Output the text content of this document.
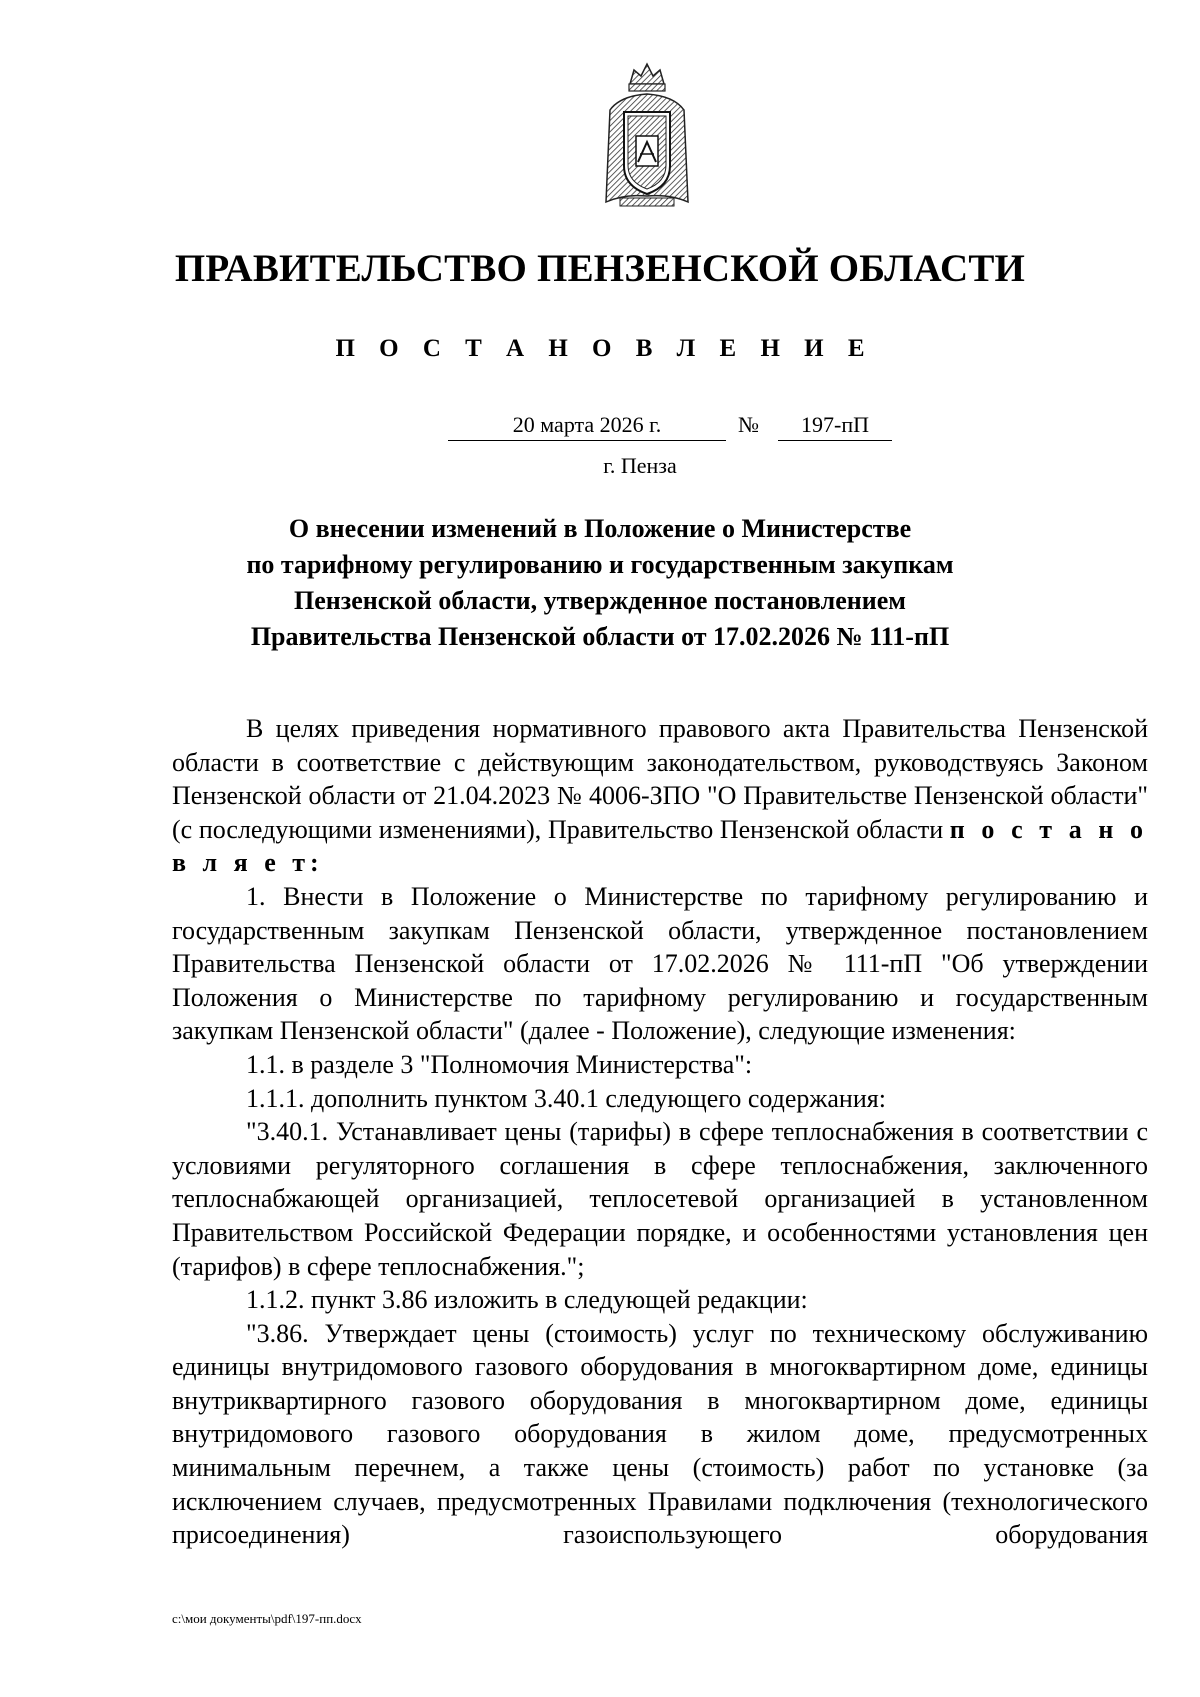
ПРАВИТЕЛЬСТВО ПЕНЗЕНСКОЙ ОБЛАСТИ
П О С Т А Н О В Л Е Н И Е
20 марта 2026 г.	№	197-пП
г. Пенза
О внесении изменений в Положение о Министерстве
по тарифному регулированию и государственным закупкам
Пензенской области, утвержденное постановлением
Правительства Пензенской области от 17.02.2026 № 111-пП

В целях приведения нормативного правового акта Правительства Пензенской области в соответствие с действующим законодательством, руководствуясь Законом Пензенской области от 21.04.2023 № 4006-ЗПО "О Правительстве Пензенской области" (с последующими изменениями), Правительство Пензенской области п о с т а н о в л я е т:

1. Внести в Положение о Министерстве по тарифному регулированию и государственным закупкам Пензенской области, утвержденное постановлением Правительства Пензенской области от 17.02.2026 № 111-пП "Об утверждении Положения о Министерстве по тарифному регулированию и государственным закупкам Пензенской области" (далее - Положение), следующие изменения:

1.1. в разделе 3 "Полномочия Министерства":

1.1.1. дополнить пунктом 3.40.1 следующего содержания:

"3.40.1. Устанавливает цены (тарифы) в сфере теплоснабжения в соответствии с условиями регуляторного соглашения в сфере теплоснабжения, заключенного теплоснабжающей организацией, теплосетевой организацией в установленном Правительством Российской Федерации порядке, и особенностями установления цен (тарифов) в сфере теплоснабжения.";

1.1.2. пункт 3.86 изложить в следующей редакции:

"3.86. Утверждает цены (стоимость) услуг по техническому обслуживанию единицы внутридомового газового оборудования в многоквартирном доме, единицы внутриквартирного газового оборудования в многоквартирном доме, единицы внутридомового газового оборудования в жилом доме, предусмотренных минимальным перечнем, а также цены (стоимость) работ по установке (за исключением случаев, предусмотренных Правилами подключения (технологического присоединения) газоиспользующего оборудования

c:\мои документы\pdf\197-пп.docx
